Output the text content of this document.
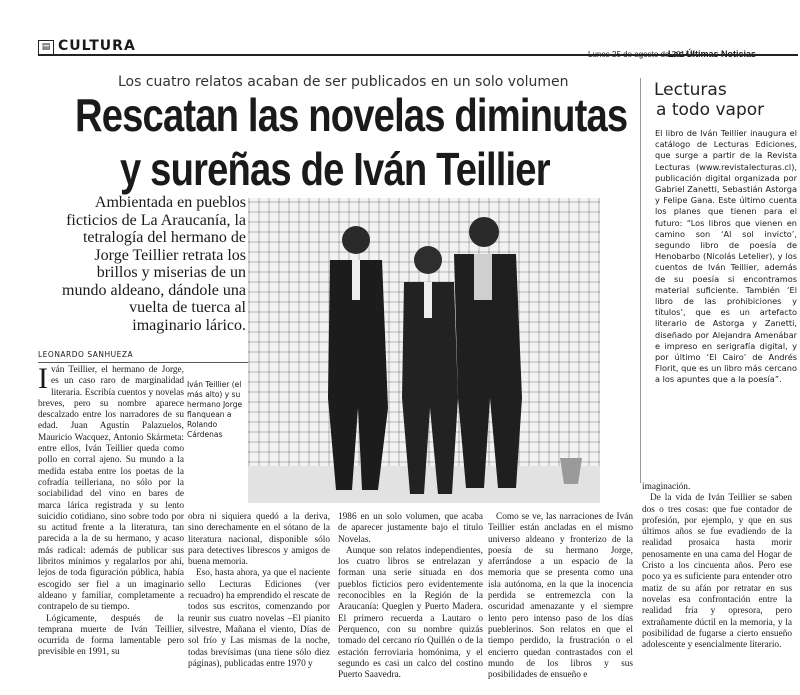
▤ CULTURA
Los cuatro relatos acaban de ser publicados en un solo volumen
Rescatan las novelas diminutas
y sureñas de Iván Teillier
Lecturas
a todo vapor
El libro de Iván Teillier inaugura el catálogo de Lecturas Ediciones, que surge a partir de la Revista Lecturas (www.revistalecturas.cl), publicación digital organizada por Gabriel Zanetti, Sebastián Astorga y Felipe Gana. Este último cuenta los planes que tienen para el futuro: “Los libros que vienen en camino son ‘Al sol invicto’, segundo libro de poesía de Henobarbo (Nicolás Letelier), y los cuentos de Iván Teillier, además de su poesía si encontramos material suficiente. También ‘El libro de las prohibiciones y títulos’, que es un artefacto literario de Astorga y Zanetti, diseñado por Alejandra Amenábar e impreso en serigrafía digital, y por último ‘El Cairo’ de Andrés Florit, que es un libro más cercano a los apuntes que a la poesía”.
Ambientada en pueblos ficticios de La Araucanía, la tetralogía del hermano de Jorge Teillier retrata los brillos y miserias de un mundo aldeano, dándole una vuelta de tuerca al imaginario lárico.
LEONARDO SANHUEZA
Iván Teillier (el más alto) y su hermano Jorge flanquean a Rolando Cárdenas

Iván Teillier, el hermano de Jorge, es un caso raro de marginalidad literaria. Escribía cuentos y novelas breves, pero su nombre aparece descalzado entre los narradores de su edad. Juan Agustín Palazuelos, Mauricio Wacquez, Antonio Skármeta: entre ellos, Iván Teillier queda como pollo en corral ajeno. Su mundo a la medida estaba entre los poetas de la cofradía teilleriana, no sólo por la sociabilidad del vino en bares de marca lárica registrada y su lento suicidio cotidiano, sino sobre todo por su actitud frente a la literatura, tan parecida a la de su hermano, y acaso más radical: además de publicar sus libritos mínimos y regalarlos por ahí, lejos de toda figuración pública, había escogido ser fiel a un imaginario aldeano y familiar, completamente a contrapelo de su tiempo.

Lógicamente, después de la temprana muerte de Iván Teillier, ocurrida de forma lamentable pero previsible en 1991, su

obra ni siquiera quedó a la deriva, sino derechamente en el sótano de la literatura nacional, disponible sólo para detectives librescos y amigos de buena memoria.

Eso, hasta ahora, ya que el naciente sello Lecturas Ediciones (ver recuadro) ha emprendido el rescate de todos sus escritos, comenzando por reunir sus cuatro novelas –El pianito silvestre, Mañana el viento, Días de sol frío y Las mismas de la noche, todas brevísimas (una tiene sólo diez páginas), publicadas entre 1970 y

1986 en un solo volumen, que acaba de aparecer justamente bajo el título Novelas.

Aunque son relatos independientes, los cuatro libros se entrelazan y forman una serie situada en dos pueblos ficticios pero evidentemente reconocibles en la Región de la Araucanía: Queglen y Puerto Madera. El primero recuerda a Lautaro o Perquenco, con su nombre quizás tomado del cercano río Quillén o de la estación ferroviaria homónima, y el segundo es casi un calco del costino Puerto Saavedra.

Como se ve, las narraciones de Iván Teillier están ancladas en el mismo universo aldeano y fronterizo de la poesía de su hermano Jorge, aferrándose a un espacio de la memoria que se presenta como una isla autónoma, en la que la inocencia perdida se entremezcla con la oscuridad amenazante y el siempre lento pero intenso paso de los días pueblerinos. Son relatos en que el tiempo perdido, la frustración o el encierro quedan contrastados con el mundo de los libros y sus posibilidades de ensueño e

imaginación.

De la vida de Iván Teillier se saben dos o tres cosas: que fue contador de profesión, por ejemplo, y que en sus últimos años se fue evadiendo de la realidad prosaica hasta morir penosamente en una cama del Hogar de Cristo a los cincuenta años. Pero ese poco ya es suficiente para entender otro matiz de su afán por retratar en sus novelas esa confrontación entre la realidad fría y opresora, pero extrañamente dúctil en la memoria, y la posibilidad de fugarse a cierto ensueño adolescente y esencialmente literario.
